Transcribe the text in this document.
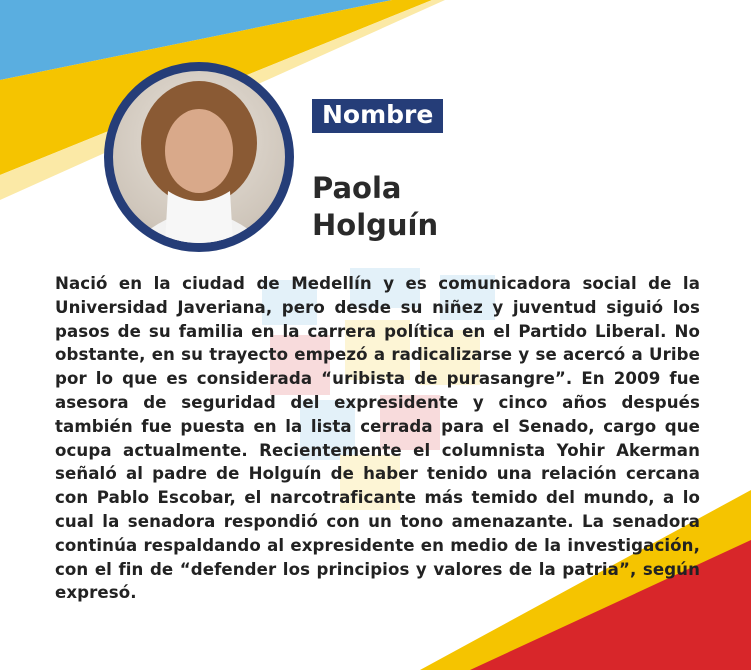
Nombre
Paola Holguín
Nació en la ciudad de Medellín y es comunicadora social de la Universidad Javeriana, pero desde su niñez y juventud siguió los pasos de su familia en la carrera política en el Partido Liberal. No obstante, en su trayecto empezó a radicalizarse y se acercó a Uribe por lo que es considerada “uribista de purasangre”. En 2009 fue asesora de seguridad del expresidente y cinco años después también fue puesta en la lista cerrada para el Senado, cargo que ocupa actualmente. Recientemente el columnista Yohir Akerman señaló al padre de Holguín de haber tenido una relación cercana con Pablo Escobar, el narcotraficante más temido del mundo, a lo cual la senadora respondió con un tono amenazante. La senadora continúa respaldando al expresidente en medio de la investigación, con el fin de “defender los principios y valores de la patria”, según expresó.
